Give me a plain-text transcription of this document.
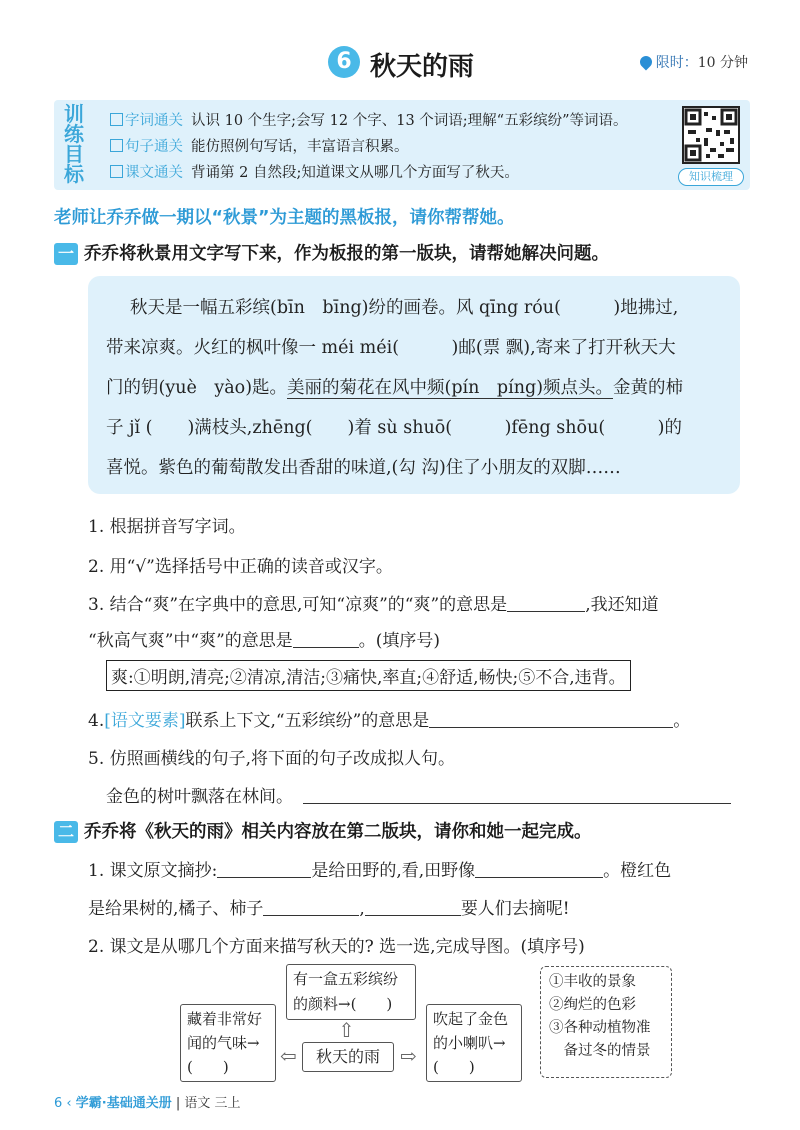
6 秋天的雨	限时：10 分钟
训练目标
字词通关 认识 10 个生字;会写 12 个字、13 个词语;理解“五彩缤纷”等词语。
句子通关 能仿照例句写话，丰富语言积累。
课文通关 背诵第 2 自然段;知道课文从哪几个方面写了秋天。	知识梳理
老师让乔乔做一期以“秋景”为主题的黑板报，请你帮帮她。
一 乔乔将秋景用文字写下来，作为板报的第一版块，请帮她解决问题。
秋天是一幅五彩缤(bīn　bīng)纷的画卷。风 qīng róu(　　　)地拂过,
带来凉爽。火红的枫叶像一 méi méi(　　　)邮(票 飘),寄来了打开秋天大
门的钥(yuè　yào)匙。美丽的菊花在风中频(pín　píng)频点头。金黄的柿
子 jǐ (　　)满枝头,zhēng(　　)着 sù shuō(　　　)fēng shōu(　　　)的
喜悦。紫色的葡萄散发出香甜的味道,(勾 沟)住了小朋友的双脚……
1. 根据拼音写字词。
2. 用“√”选择括号中正确的读音或汉字。
3. 结合“爽”在字典中的意思,可知“凉爽”的“爽”的意思是	,我还知道
“秋高气爽”中“爽”的意思是	。(填序号)
爽:①明朗,清亮;②清凉,清洁;③痛快,率直;④舒适,畅快;⑤不合,违背。
4.[语文要素]联系上下文,“五彩缤纷”的意思是	。
5. 仿照画横线的句子,将下面的句子改成拟人句。
金色的树叶飘落在林间。
二 乔乔将《秋天的雨》相关内容放在第二版块，请你和她一起完成。
1. 课文原文摘抄:	是给田野的,看,田野像	。橙红色
是给果树的,橘子、柿子	,	要人们去摘呢!
2. 课文是从哪几个方面来描写秋天的? 选一选,完成导图。(填序号)
有一盒五彩缤纷
的颜料→(　　)
⇧
藏着非常好
闻的气味→
(　　)	⇦	秋天的雨	⇨
吹起了金色
的小喇叭→
(　　)
①丰收的景象
②绚烂的色彩
③各种动植物准
　备过冬的情景
6 ‹ 学霸·基础通关册 | 语文 三上
